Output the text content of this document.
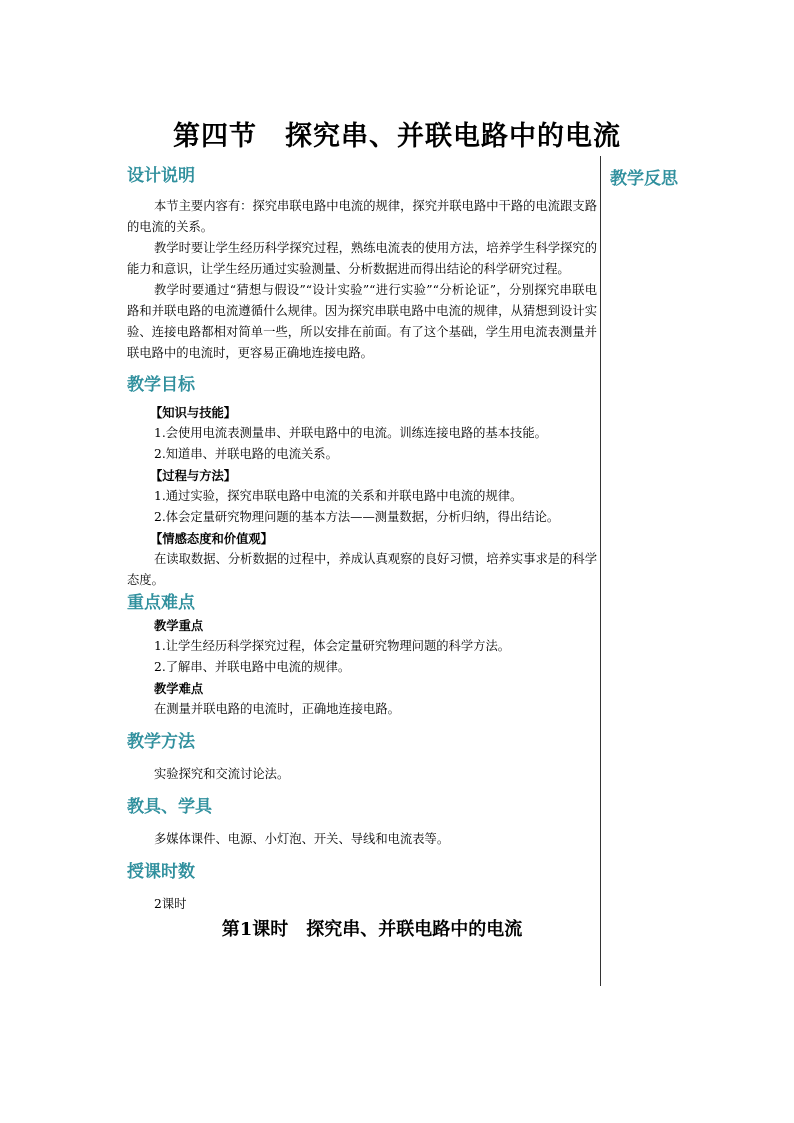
第四节　探究串、并联电路中的电流
教学反思
设计说明

本节主要内容有：探究串联电路中电流的规律，探究并联电路中干路的电流跟支路的电流的关系。

教学时要让学生经历科学探究过程，熟练电流表的使用方法，培养学生科学探究的能力和意识，让学生经历通过实验测量、分析数据进而得出结论的科学研究过程。

教学时要通过“猜想与假设”“设计实验”“进行实验”“分析论证”，分别探究串联电路和并联电路的电流遵循什么规律。因为探究串联电路中电流的规律，从猜想到设计实验、连接电路都相对简单一些，所以安排在前面。有了这个基础，学生用电流表测量并联电路中的电流时，更容易正确地连接电路。

教学目标
【知识与技能】
1.会使用电流表测量串、并联电路中的电流。训练连接电路的基本技能。
2.知道串、并联电路的电流关系。
【过程与方法】
1.通过实验，探究串联电路中电流的关系和并联电路中电流的规律。
2.体会定量研究物理问题的基本方法——测量数据，分析归纳，得出结论。
【情感态度和价值观】

在读取数据、分析数据的过程中，养成认真观察的良好习惯，培养实事求是的科学态度。

重点难点
教学重点
1.让学生经历科学探究过程，体会定量研究物理问题的科学方法。
2.了解串、并联电路中电流的规律。
教学难点
在测量并联电路的电流时，正确地连接电路。
教学方法
实验探究和交流讨论法。
教具、学具
多媒体课件、电源、小灯泡、开关、导线和电流表等。
授课时数
2课时
第1课时　探究串、并联电路中的电流
